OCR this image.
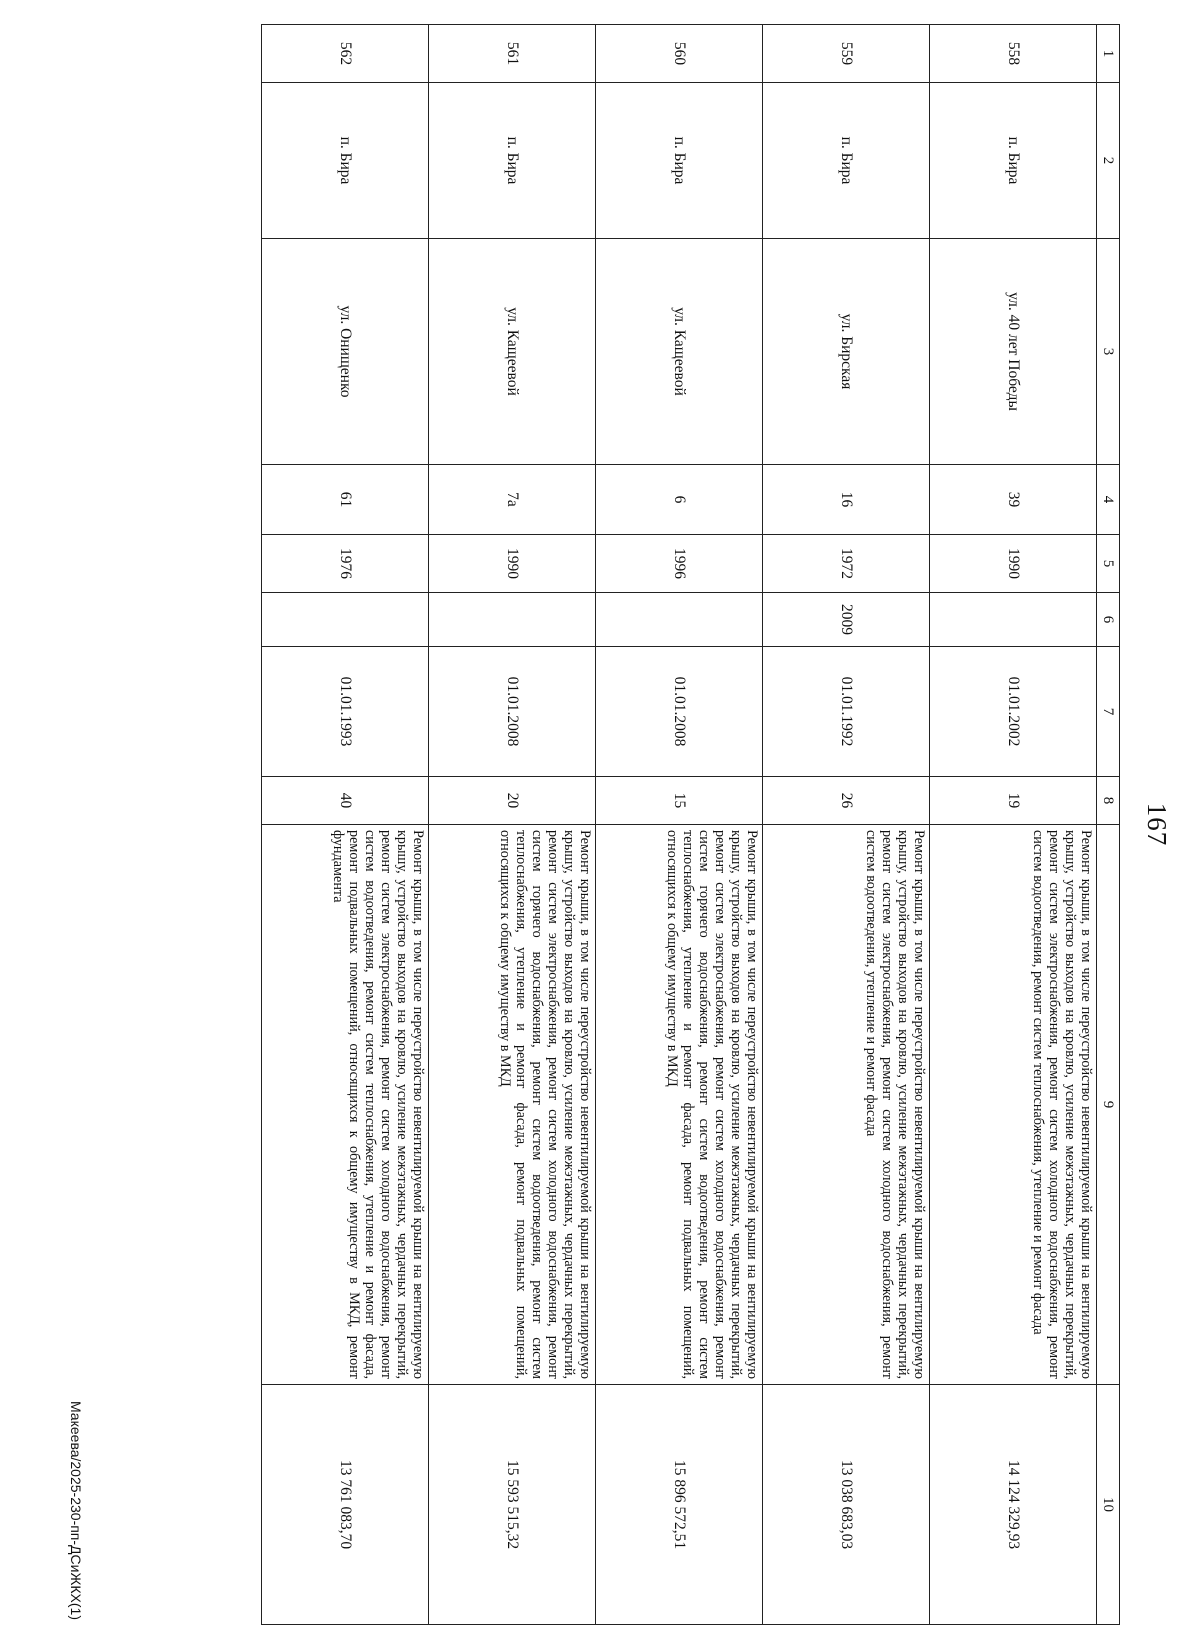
167
1	2	3	4	5	6	7	8	9	10
558	п. Бира	ул. 40 лет Победы	39	1990		01.01.2002	19	Ремонт крыши, в том числе переустройство невентилируемой крыши на вентилируемую крышу, устройство выходов на кровлю, усиление межэтажных, чердачных перекрытий, ремонт систем электроснабжения, ремонт систем холодного водоснабжения, ремонт систем водоотведения, ремонт систем теплоснабжения, утепление и ремонт фасада	14 124 329,93
559	п. Бира	ул. Бирская	16	1972	2009	01.01.1992	26	Ремонт крыши, в том числе переустройство невентилируемой крыши на вентилируемую крышу, устройство выходов на кровлю, усиление межэтажных, чердачных перекрытий, ремонт систем электроснабжения, ремонт систем холодного водоснабжения, ремонт систем водоотведения, утепление и ремонт фасада	13 038 683,03
560	п. Бира	ул. Кащеевой	6	1996		01.01.2008	15	Ремонт крыши, в том числе переустройство невентилируемой крыши на вентилируемую крышу, устройство выходов на кровлю, усиление межэтажных, чердачных перекрытий, ремонт систем электроснабжения, ремонт систем холодного водоснабжения, ремонт систем горячего водоснабжения, ремонт систем водоотведения, ремонт систем теплоснабжения, утепление и ремонт фасада, ремонт подвальных помещений, относящихся к общему имуществу в МКД	15 896 572,51
561	п. Бира	ул. Кащеевой	7а	1990		01.01.2008	20	Ремонт крыши, в том числе переустройство невентилируемой крыши на вентилируемую крышу, устройство выходов на кровлю, усиление межэтажных, чердачных перекрытий, ремонт систем электроснабжения, ремонт систем холодного водоснабжения, ремонт систем горячего водоснабжения, ремонт систем водоотведения, ремонт систем теплоснабжения, утепление и ремонт фасада, ремонт подвальных помещений, относящихся к общему имуществу в МКД	15 593 515,32
562	п. Бира	ул. Онищенко	61	1976		01.01.1993	40	Ремонт крыши, в том числе переустройство невентилируемой крыши на вентилируемую крышу, устройство выходов на кровлю, усиление межэтажных, чердачных перекрытий, ремонт систем электроснабжения, ремонт систем холодного водоснабжения, ремонт систем водоотведения, ремонт систем теплоснабжения, утепление и ремонт фасада, ремонт подвальных помещений, относящихся к общему имуществу в МКД, ремонт фундамента	13 761 083,70
Макеева/2025-230-пп-ДСиЖКХ(1)
